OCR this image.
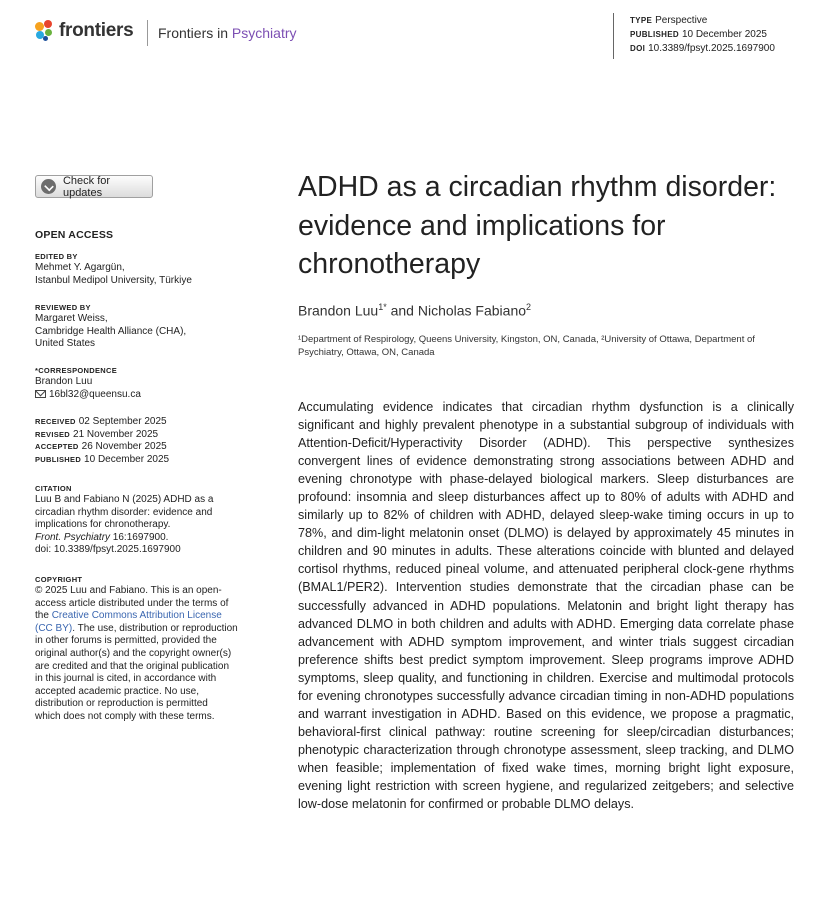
frontiers Frontiers in Psychiatry
TYPE Perspective
PUBLISHED 10 December 2025
DOI 10.3389/fpsyt.2025.1697900
Check for updates
OPEN ACCESS
EDITED BY
Mehmet Y. Agargün,
Istanbul Medipol University, Türkiye
REVIEWED BY
Margaret Weiss,
Cambridge Health Alliance (CHA),
United States
*CORRESPONDENCE
Brandon Luu
16bl32@queensu.ca
RECEIVED 02 September 2025
REVISED 21 November 2025
ACCEPTED 26 November 2025
PUBLISHED 10 December 2025
CITATION
Luu B and Fabiano N (2025) ADHD as a
circadian rhythm disorder: evidence and
implications for chronotherapy.
Front. Psychiatry 16:1697900.
doi: 10.3389/fpsyt.2025.1697900
COPYRIGHT
© 2025 Luu and Fabiano. This is an open-
access article distributed under the terms of
the Creative Commons Attribution License
(CC BY). The use, distribution or reproduction
in other forums is permitted, provided the
original author(s) and the copyright owner(s)
are credited and that the original publication
in this journal is cited, in accordance with
accepted academic practice. No use,
distribution or reproduction is permitted
which does not comply with these terms.
ADHD as a circadian rhythm disorder: evidence and implications for chronotherapy
Brandon Luu$^{1*}$ and Nicholas Fabiano$^2$
¹Department of Respirology, Queens University, Kingston, ON, Canada, ²University of Ottawa, Department of Psychiatry, Ottawa, ON, Canada

Accumulating evidence indicates that circadian rhythm dysfunction is a clinically significant and highly prevalent phenotype in a substantial subgroup of individuals with Attention-Deficit/Hyperactivity Disorder (ADHD). This perspective synthesizes convergent lines of evidence demonstrating strong associations between ADHD and evening chronotype with phase-delayed biological markers. Sleep disturbances are profound: insomnia and sleep disturbances affect up to 80% of adults with ADHD and similarly up to 82% of children with ADHD, delayed sleep-wake timing occurs in up to 78%, and dim-light melatonin onset (DLMO) is delayed by approximately 45 minutes in children and 90 minutes in adults. These alterations coincide with blunted and delayed cortisol rhythms, reduced pineal volume, and attenuated peripheral clock-gene rhythms (BMAL1/PER2). Intervention studies demonstrate that the circadian phase can be successfully advanced in ADHD populations. Melatonin and bright light therapy has advanced DLMO in both children and adults with ADHD. Emerging data correlate phase advancement with ADHD symptom improvement, and winter trials suggest circadian preference shifts best predict symptom improvement. Sleep programs improve ADHD symptoms, sleep quality, and functioning in children. Exercise and multimodal protocols for evening chronotypes successfully advance circadian timing in non-ADHD populations and warrant investigation in ADHD. Based on this evidence, we propose a pragmatic, behavioral-first clinical pathway: routine screening for sleep/circadian disturbances; phenotypic characterization through chronotype assessment, sleep tracking, and DLMO when feasible; implementation of fixed wake times, morning bright light exposure, evening light restriction with screen hygiene, and regularized zeitgebers; and selective low-dose melatonin for confirmed or probable DLMO delays.
